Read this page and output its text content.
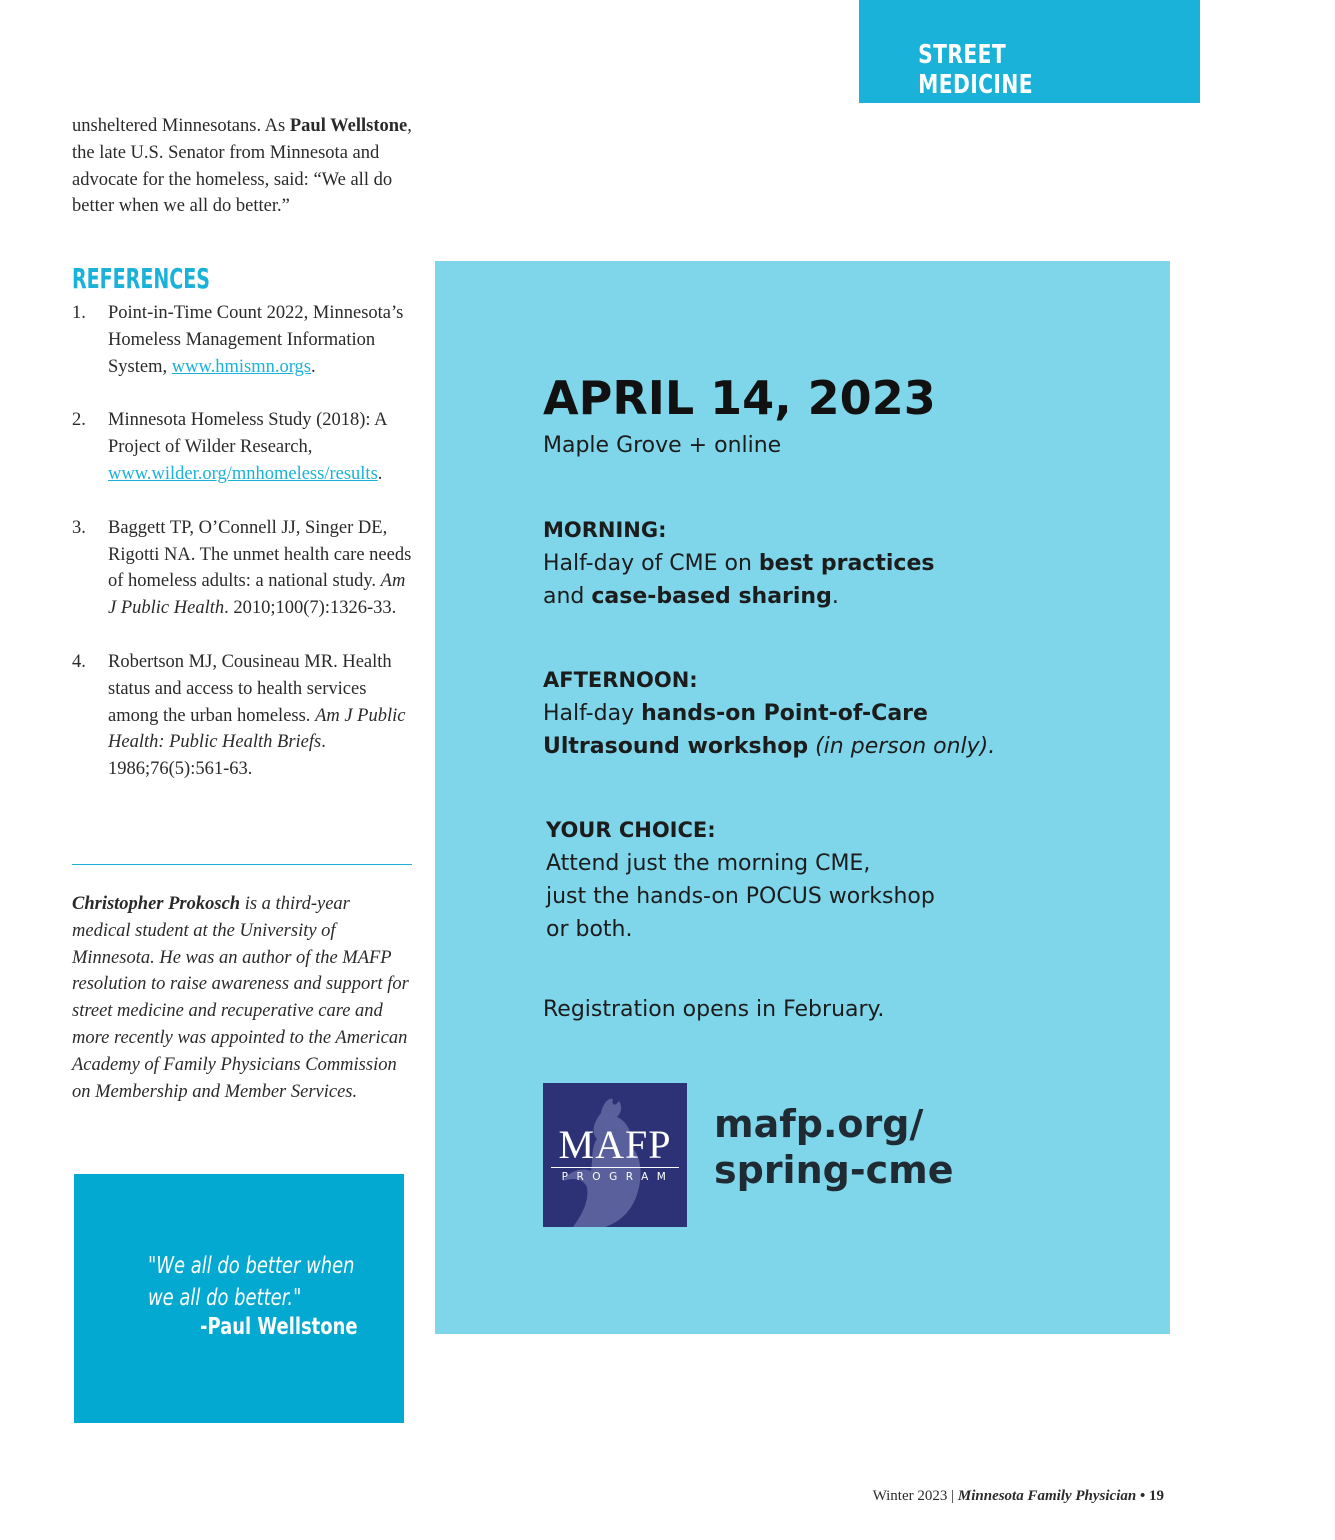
STREET MEDICINE
unsheltered Minnesotans. As Paul Wellstone, the late U.S. Senator from Minnesota and advocate for the homeless, said: “We all do better when we all do better.”
REFERENCES
1. Point-in-Time Count 2022, Minnesota’s Homeless Management Information System, www.hmismn.orgs.
2. Minnesota Homeless Study (2018): A Project of Wilder Research, www.wilder.org/mnhomeless/results.
3. Baggett TP, O’Connell JJ, Singer DE, Rigotti NA. The unmet health care needs of homeless adults: a national study. Am J Public Health. 2010;100(7):1326-33.
4. Robertson MJ, Cousineau MR. Health status and access to health services among the urban homeless. Am J Public Health: Public Health Briefs. 1986;76(5):561-63.
Christopher Prokosch is a third-year medical student at the University of Minnesota. He was an author of the MAFP resolution to raise awareness and support for street medicine and recuperative care and more recently was appointed to the American Academy of Family Physicians Commission on Membership and Member Services.
"We all do better when
we all do better."
-Paul Wellstone	SPRING CME
APRIL 14, 2023
Maple Grove + online
MORNING:
Half-day of CME on best practices
and case-based sharing.
AFTERNOON:
Half-day hands-on Point-of-Care Ultrasound workshop (in person only).
YOUR CHOICE:
Attend just the morning CME,
just the hands-on POCUS workshop
or both.
Registration opens in February.
MAFP
PROGRAM
mafp.org/
spring-cme
Winter 2023 | Minnesota Family Physician • 19
